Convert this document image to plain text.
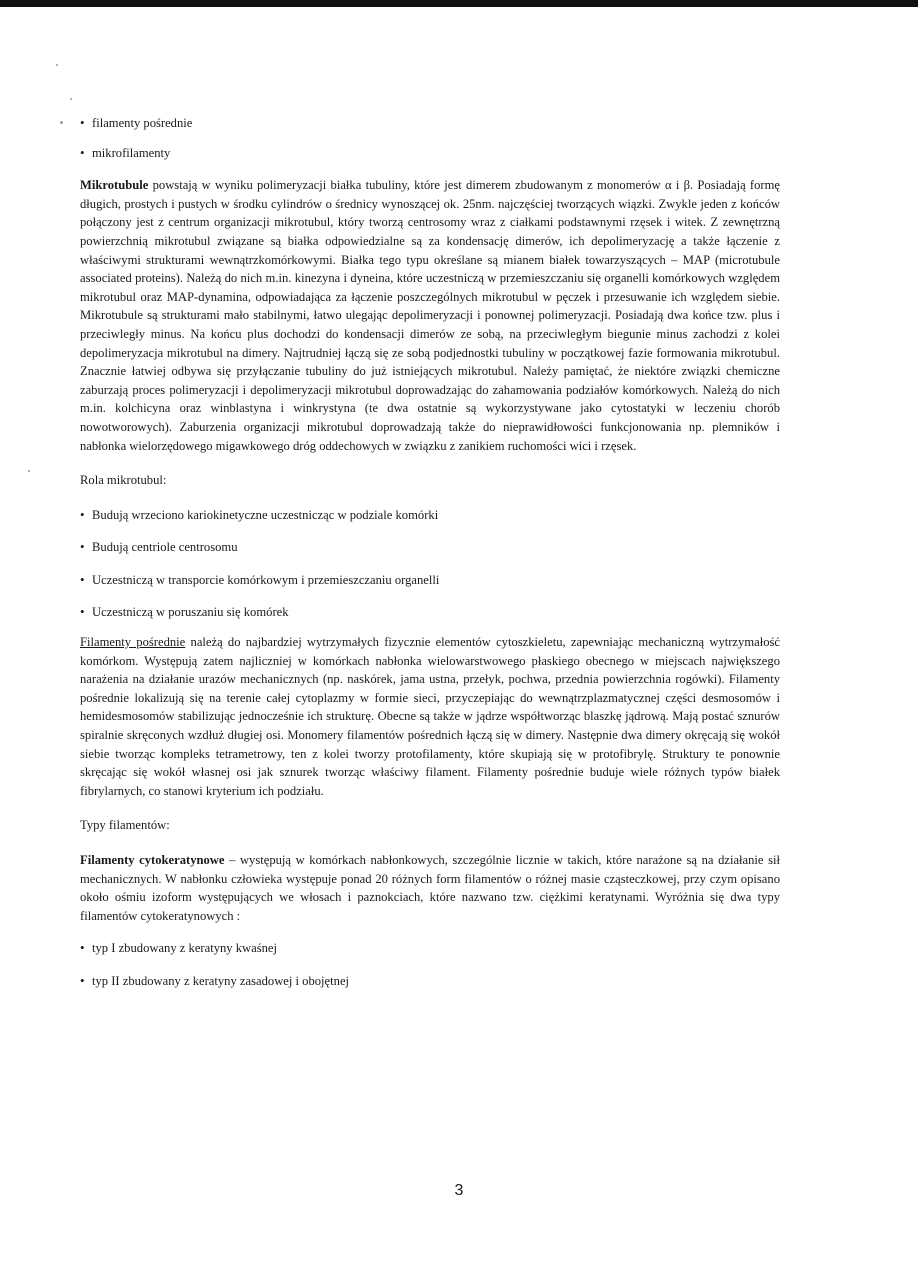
• filamenty pośrednie

• mikrofilamenty

Mikrotubule powstają w wyniku polimeryzacji białka tubuliny, które jest dimerem zbudowanym z monomerów α i β. Posiadają formę długich, prostych i pustych w środku cylindrów o średnicy wynoszącej ok. 25nm. najczęściej tworzących wiązki. Zwykle jeden z końców połączony jest z centrum organizacji mikrotubul, który tworzą centrosomy wraz z ciałkami podstawnymi rzęsek i witek. Z zewnętrzną powierzchnią mikrotubul związane są białka odpowiedzialne są za kondensację dimerów, ich depolimeryzację a także łączenie z właściwymi strukturami wewnątrzkomórkowymi. Białka tego typu określane są mianem białek towarzyszących – MAP (microtubule associated proteins). Należą do nich m.in. kinezyna i dyneina, które uczestniczą w przemieszczaniu się organelli komórkowych względem mikrotubul oraz MAP-dynamina, odpowiadająca za łączenie poszczególnych mikrotubul w pęczek i przesuwanie ich względem siebie. Mikrotubule są strukturami mało stabilnymi, łatwo ulegając depolimeryzacji i ponownej polimeryzacji. Posiadają dwa końce tzw. plus i przeciwległy minus. Na końcu plus dochodzi do kondensacji dimerów ze sobą, na przeciwległym biegunie minus zachodzi z kolei depolimeryzacja mikrotubul na dimery. Najtrudniej łączą się ze sobą podjednostki tubuliny w początkowej fazie formowania mikrotubul. Znacznie łatwiej odbywa się przyłączanie tubuliny do już istniejących mikrotubul. Należy pamiętać, że niektóre związki chemiczne zaburzają proces polimeryzacji i depolimeryzacji mikrotubul doprowadzając do zahamowania podziałów komórkowych. Należą do nich m.in. kolchicyna oraz winblastyna i winkrystyna (te dwa ostatnie są wykorzystywane jako cytostatyki w leczeniu chorób nowotworowych). Zaburzenia organizacji mikrotubul doprowadzają także do nieprawidłowości funkcjonowania np. plemników i nabłonka wielorzędowego migawkowego dróg oddechowych w związku z zanikiem ruchomości wici i rzęsek.

Rola mikrotubul:

• Budują wrzeciono kariokinetyczne uczestnicząc w podziale komórki

• Budują centriole centrosomu

• Uczestniczą w transporcie komórkowym i przemieszczaniu organelli

• Uczestniczą w poruszaniu się komórek

Filamenty pośrednie należą do najbardziej wytrzymałych fizycznie elementów cytoszkieletu, zapewniając mechaniczną wytrzymałość komórkom. Występują zatem najliczniej w komórkach nabłonka wielowarstwowego płaskiego obecnego w miejscach największego narażenia na działanie urazów mechanicznych (np. naskórek, jama ustna, przełyk, pochwa, przednia powierzchnia rogówki). Filamenty pośrednie lokalizują się na terenie całej cytoplazmy w formie sieci, przyczepiając do wewnątrzplazmatycznej części desmosomów i hemidesmosomów stabilizując jednocześnie ich strukturę. Obecne są także w jądrze współtworząc blaszkę jądrową. Mają postać sznurów spiralnie skręconych wzdłuż długiej osi. Monomery filamentów pośrednich łączą się w dimery. Następnie dwa dimery okręcają się wokół siebie tworząc kompleks tetrametrowy, ten z kolei tworzy protofilamenty, które skupiają się w protofibrylę. Struktury te ponownie skręcając się wokół własnej osi jak sznurek tworząc właściwy filament. Filamenty pośrednie buduje wiele różnych typów białek fibrylarnych, co stanowi kryterium ich podziału.

Typy filamentów:

Filamenty cytokeratynowe – występują w komórkach nabłonkowych, szczególnie licznie w takich, które narażone są na działanie sił mechanicznych. W nabłonku człowieka występuje ponad 20 różnych form filamentów o różnej masie cząsteczkowej, przy czym opisano około ośmiu izoform występujących we włosach i paznokciach, które nazwano tzw. ciężkimi keratynami. Wyróżnia się dwa typy filamentów cytokeratynowych :

• typ I zbudowany z keratyny kwaśnej

• typ II zbudowany z keratyny zasadowej i obojętnej

3
